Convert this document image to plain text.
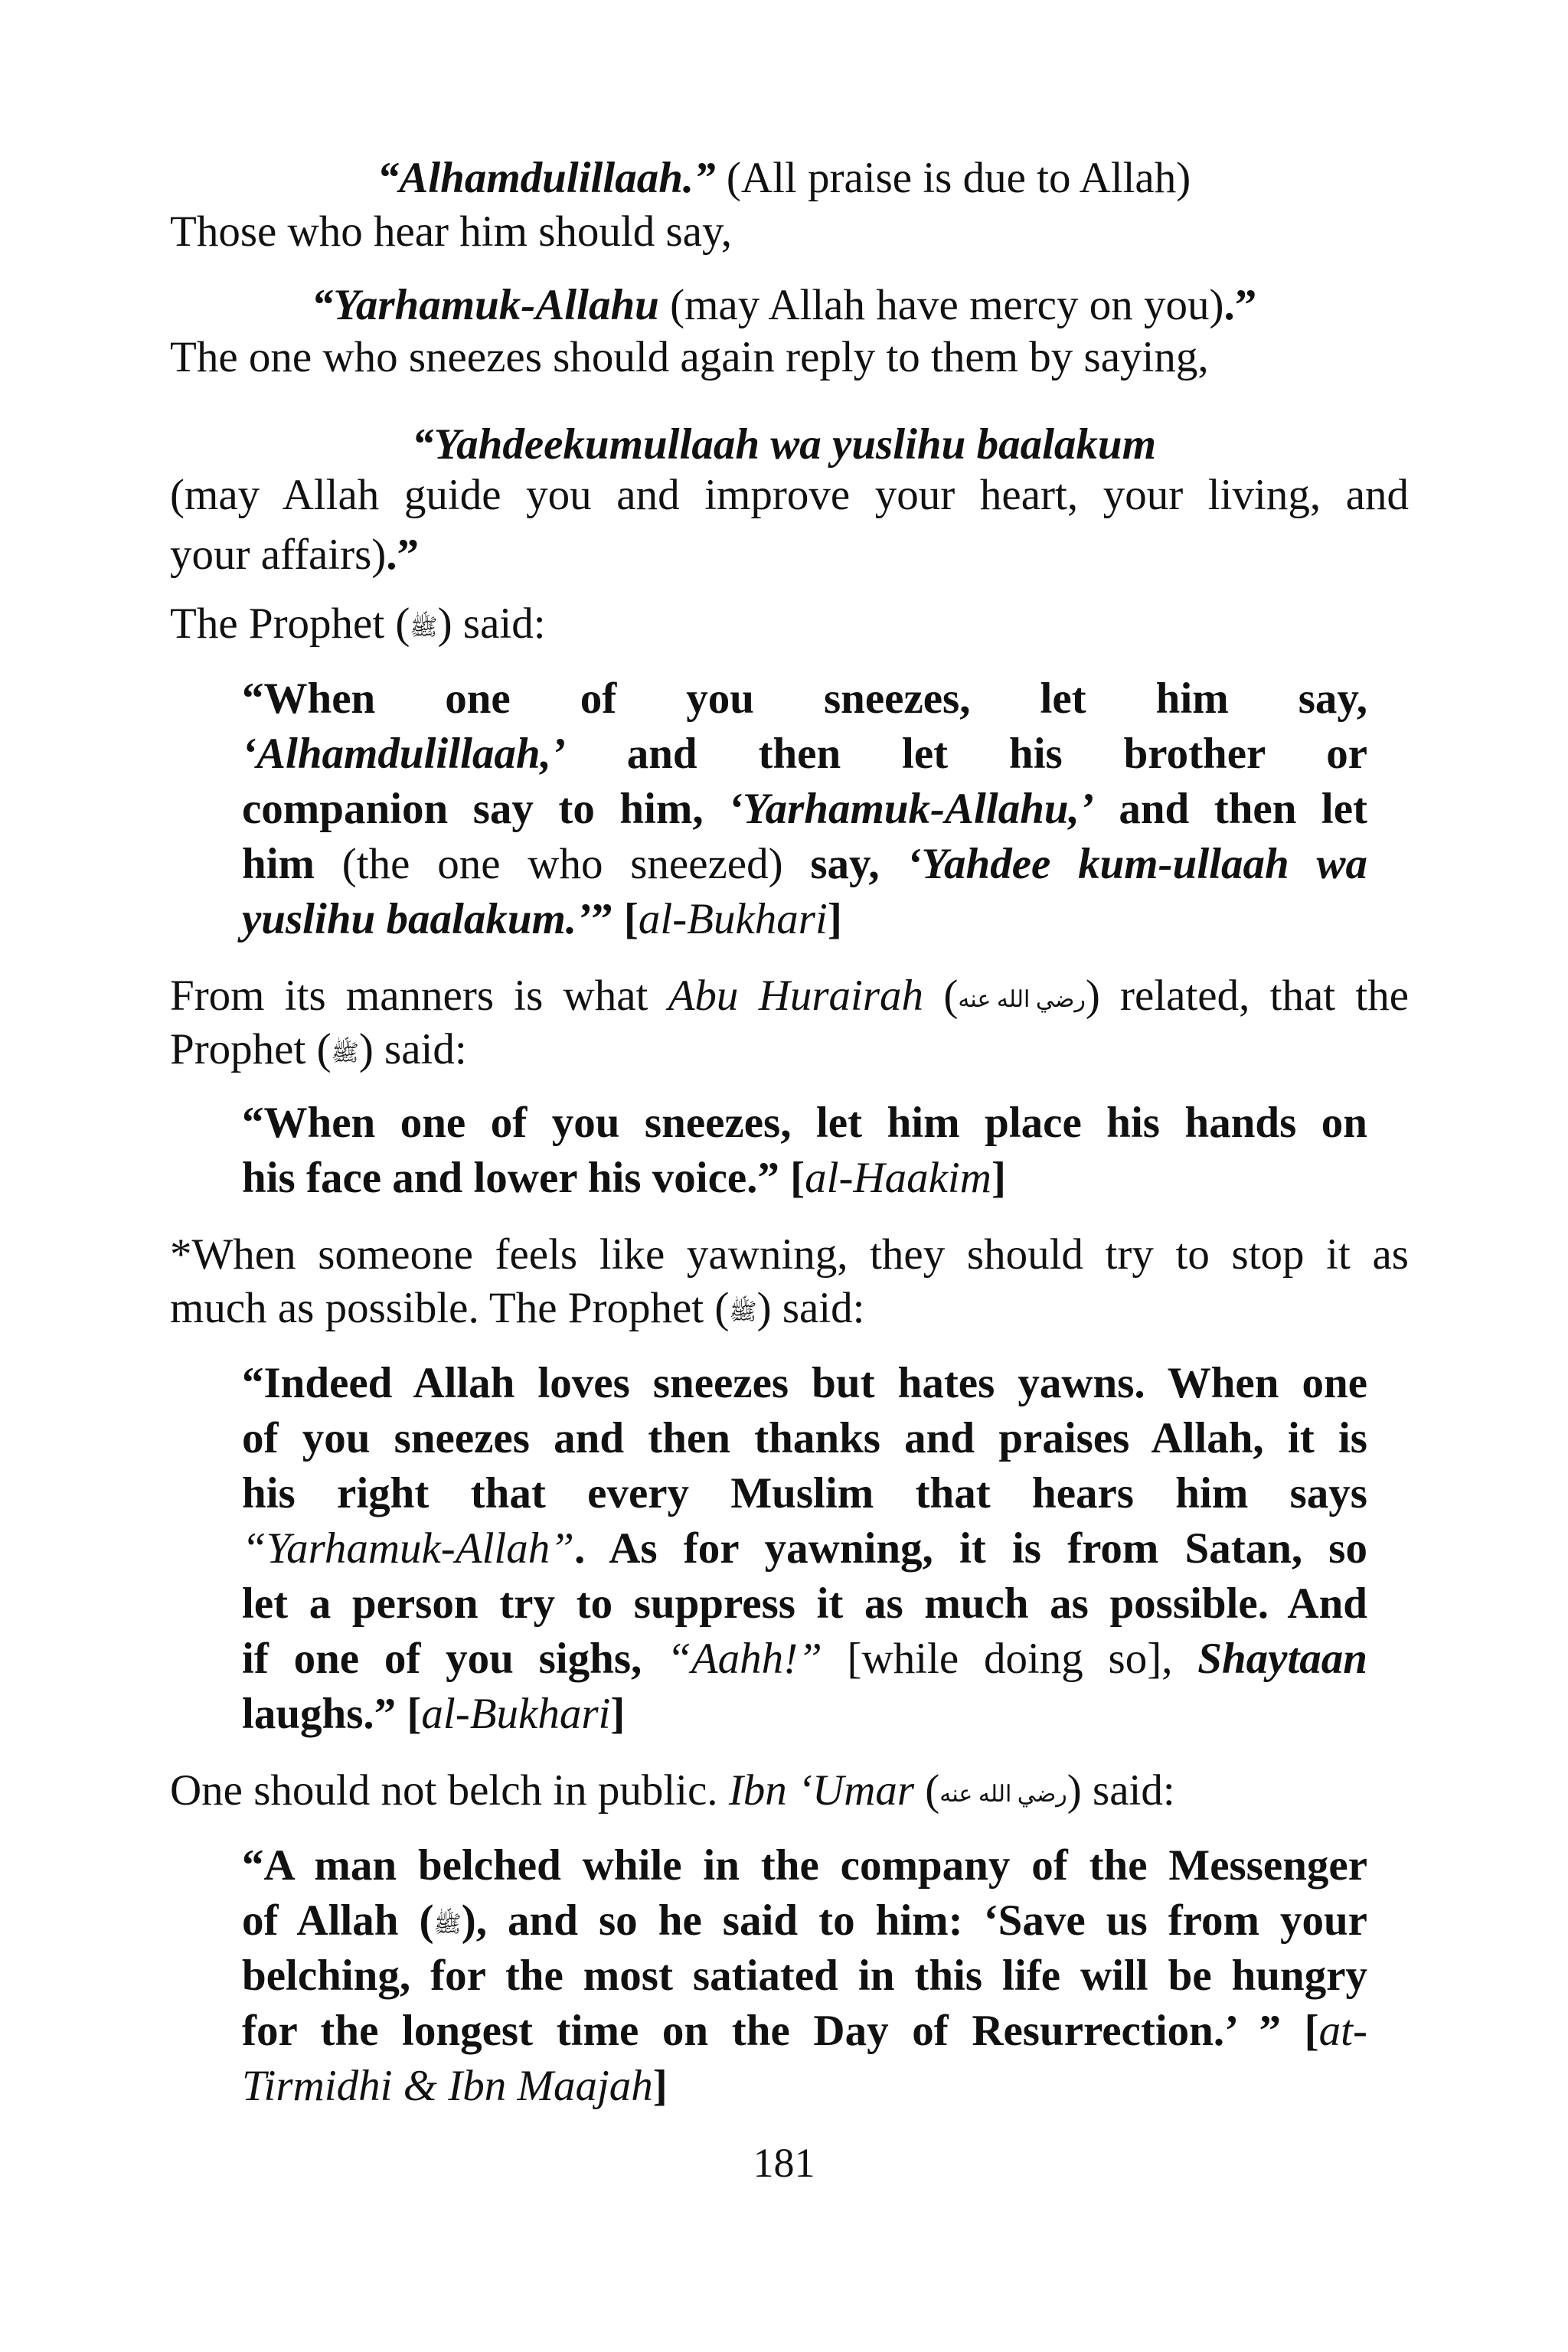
“Alhamdulillaah.” (All praise is due to Allah)
Those who hear him should say,
“Yarhamuk-Allahu (may Allah have mercy on you).”
The one who sneezes should again reply to them by saying,
“Yahdeekumullaah wa yuslihu baalakum
(may Allah guide you and improve your heart, your living, and
your affairs).”
The Prophet (ﷺ) said:
“When one of you sneezes, let him say,
‘Alhamdulillaah,’ and then let his brother or
companion say to him, ‘Yarhamuk-Allahu,’ and then let
him (the one who sneezed) say, ‘Yahdee kum-ullaah wa
yuslihu baalakum.’” [al-Bukhari]
From its manners is what Abu Hurairah (رضي الله عنه) related, that the
Prophet (ﷺ) said:
“When one of you sneezes, let him place his hands on
his face and lower his voice.” [al-Haakim]
*When someone feels like yawning, they should try to stop it as
much as possible. The Prophet (ﷺ) said:
“Indeed Allah loves sneezes but hates yawns. When one
of you sneezes and then thanks and praises Allah, it is
his right that every Muslim that hears him says
“Yarhamuk-Allah”. As for yawning, it is from Satan, so
let a person try to suppress it as much as possible. And
if one of you sighs, “Aahh!” [while doing so], Shaytaan
laughs.” [al-Bukhari]
One should not belch in public. Ibn ‘Umar (رضي الله عنه) said:
“A man belched while in the company of the Messenger
of Allah (ﷺ), and so he said to him: ‘Save us from your
belching, for the most satiated in this life will be hungry
for the longest time on the Day of Resurrection.’ ” [at-
Tirmidhi & Ibn Maajah]
181
